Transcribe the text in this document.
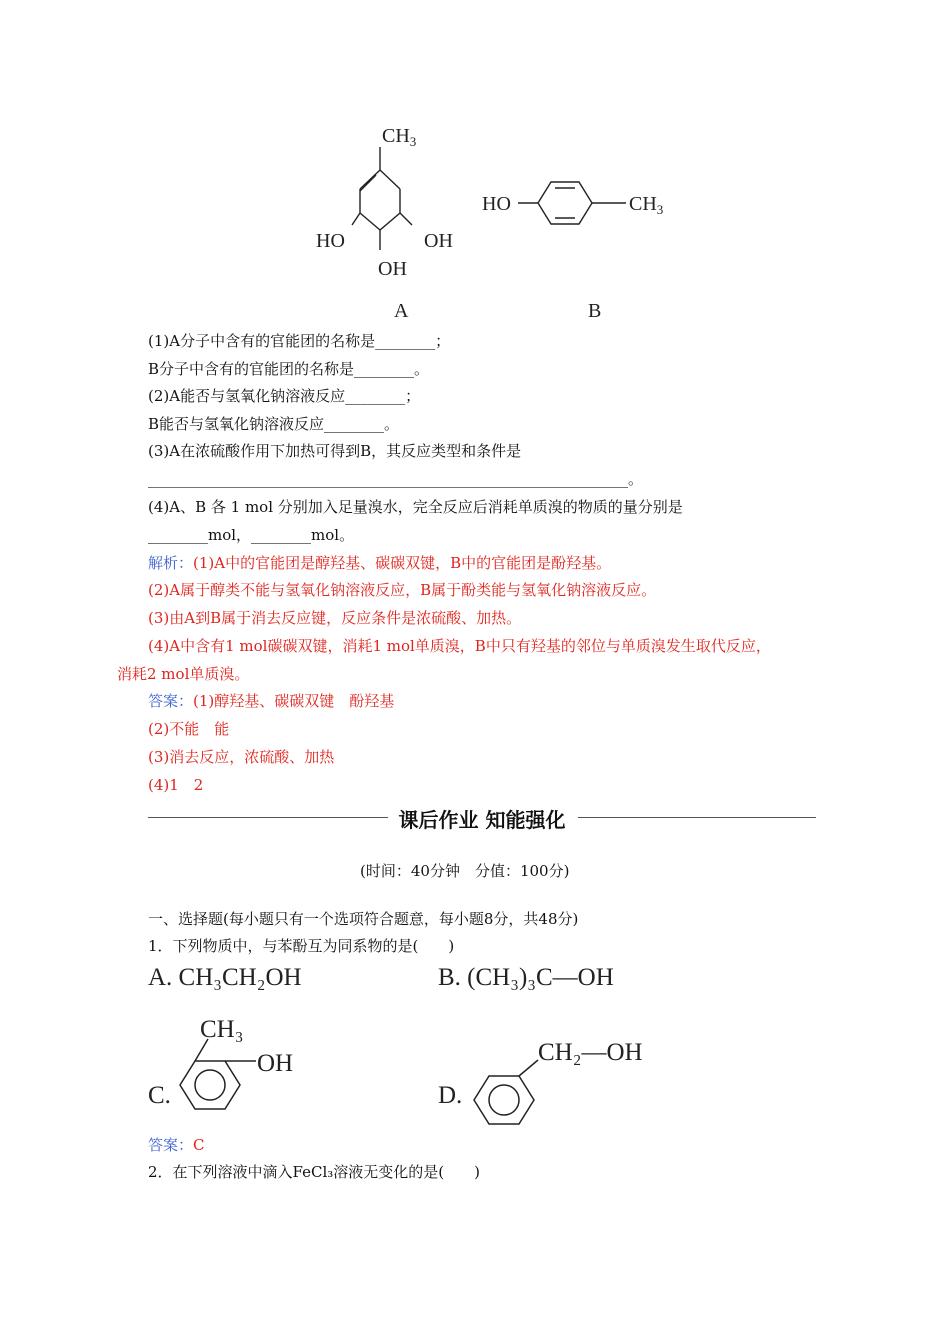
$CH_3$
HO	OH
OH
A
HO	$CH_3$
B
(1)A分子中含有的官能团的名称是________；
B分子中含有的官能团的名称是________。
(2)A能否与氢氧化钠溶液反应________；
B能否与氢氧化钠溶液反应________。
(3)A在浓硫酸作用下加热可得到B，其反应类型和条件是
________________________________________________________________。
(4)A、B 各 1 mol 分别加入足量溴水，完全反应后消耗单质溴的物质的量分别是
________mol，________mol。
解析：(1)A中的官能团是醇羟基、碳碳双键，B中的官能团是酚羟基。
(2)A属于醇类不能与氢氧化钠溶液反应，B属于酚类能与氢氧化钠溶液反应。
(3)由A到B属于消去反应键，反应条件是浓硫酸、加热。
(4)A中含有1 mol碳碳双键，消耗1 mol单质溴，B中只有羟基的邻位与单质溴发生取代反应，
消耗2 mol单质溴。
答案：(1)醇羟基、碳碳双键　酚羟基
(2)不能　能
(3)消去反应，浓硫酸、加热
(4)1　2
课后作业 知能强化
(时间：40分钟　分值：100分)
一、选择题(每小题只有一个选项符合题意，每小题8分，共48分)
1．下列物质中，与苯酚互为同系物的是(　　)
A. CH₃CH₂OH	B. (CH₃)₃C—OH
C.
CH₃
OH
D.
CH₂—OH
答案：C
2．在下列溶液中滴入FeCl₃溶液无变化的是(　　)
